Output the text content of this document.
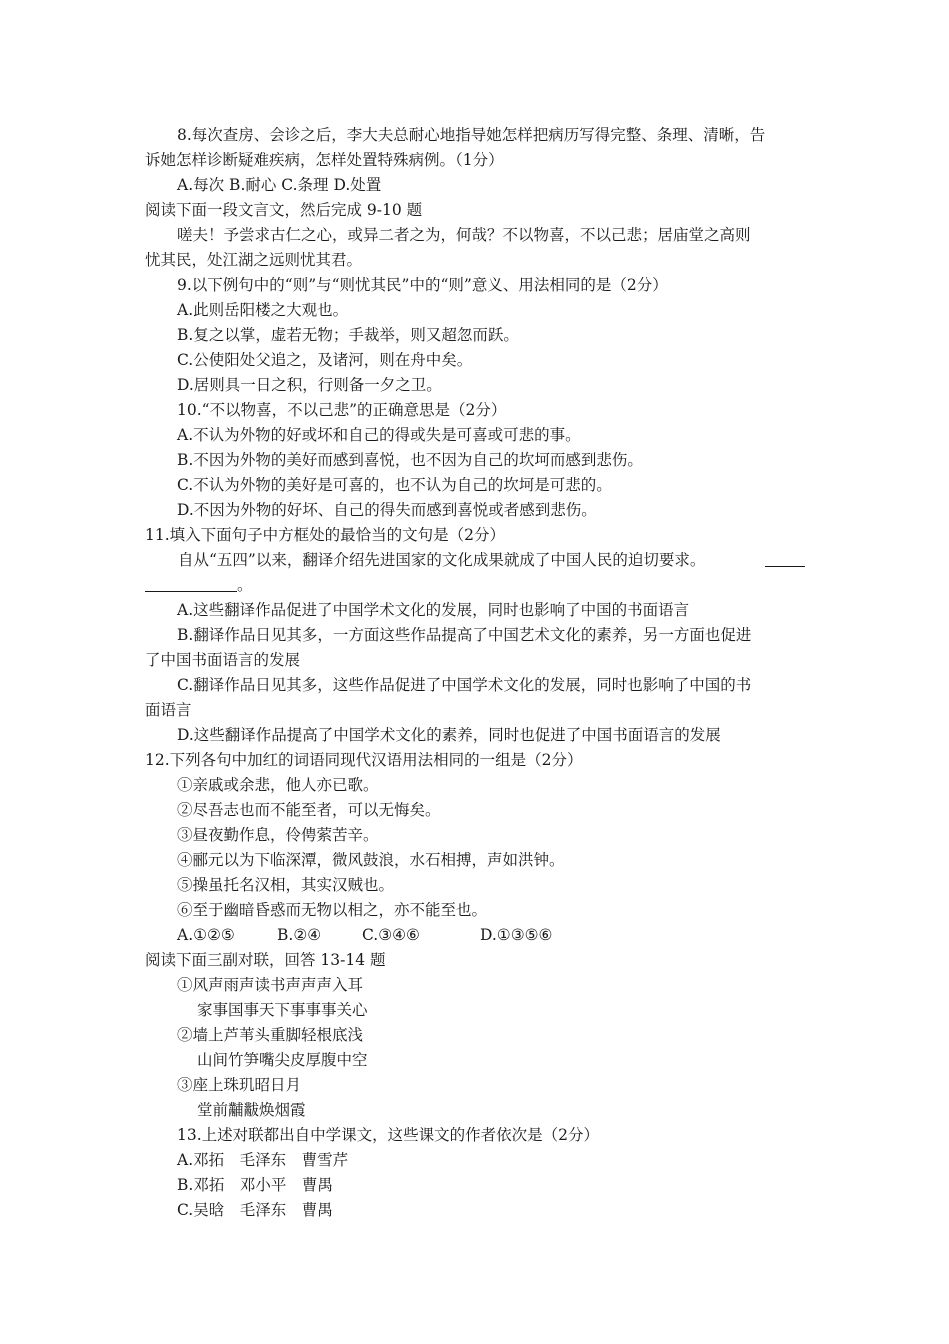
8.每次查房、会诊之后，李大夫总耐心地指导她怎样把病历写得完整、条理、清晰，告
诉她怎样诊断疑难疾病，怎样处置特殊病例。（1分）
A.每次 B.耐心 C.条理 D.处置
阅读下面一段文言文，然后完成 9-10 题
嗟夫！予尝求古仁之心，或异二者之为，何哉？不以物喜，不以己悲；居庙堂之高则
忧其民，处江湖之远则忧其君。
9.以下例句中的“则”与“则忧其民”中的“则”意义、用法相同的是（2分）
A.此则岳阳楼之大观也。
B.复之以掌，虚若无物；手裁举，则又超忽而跃。
C.公使阳处父追之，及诸河，则在舟中矣。
D.居则具一日之积，行则备一夕之卫。
10.“不以物喜，不以己悲”的正确意思是（2分）
A.不认为外物的好或坏和自己的得或失是可喜或可悲的事。
B.不因为外物的美好而感到喜悦，也不因为自己的坎坷而感到悲伤。
C.不认为外物的美好是可喜的，也不认为自己的坎坷是可悲的。
D.不因为外物的好坏、自己的得失而感到喜悦或者感到悲伤。
11.填入下面句子中方框处的最恰当的文句是（2分）
自从“五四”以来，翻译介绍先进国家的文化成果就成了中国人民的迫切要求。
。
A.这些翻译作品促进了中国学术文化的发展，同时也影响了中国的书面语言
B.翻译作品日见其多，一方面这些作品提高了中国艺术文化的素养，另一方面也促进
了中国书面语言的发展
C.翻译作品日见其多，这些作品促进了中国学术文化的发展，同时也影响了中国的书
面语言
D.这些翻译作品提高了中国学术文化的素养，同时也促进了中国书面语言的发展
12.下列各句中加红的词语同现代汉语用法相同的一组是（2分）
①亲戚或余悲，他人亦已歌。
②尽吾志也而不能至者，可以无悔矣。
③昼夜勤作息，伶俜萦苦辛。
④郦元以为下临深潭，微风鼓浪，水石相搏，声如洪钟。
⑤操虽托名汉相，其实汉贼也。
⑥至于幽暗昏惑而无物以相之，亦不能至也。
A.①②⑤	B.②④	C.③④⑥	D.①③⑤⑥
阅读下面三副对联，回答 13-14 题
①风声雨声读书声声声入耳
家事国事天下事事事关心
②墙上芦苇头重脚轻根底浅
山间竹笋嘴尖皮厚腹中空
③座上珠玑昭日月
堂前黼黻焕烟霞
13.上述对联都出自中学课文，这些课文的作者依次是（2分）
A.邓拓　毛泽东　曹雪芹
B.邓拓　邓小平　曹禺
C.吴晗　毛泽东　曹禺
